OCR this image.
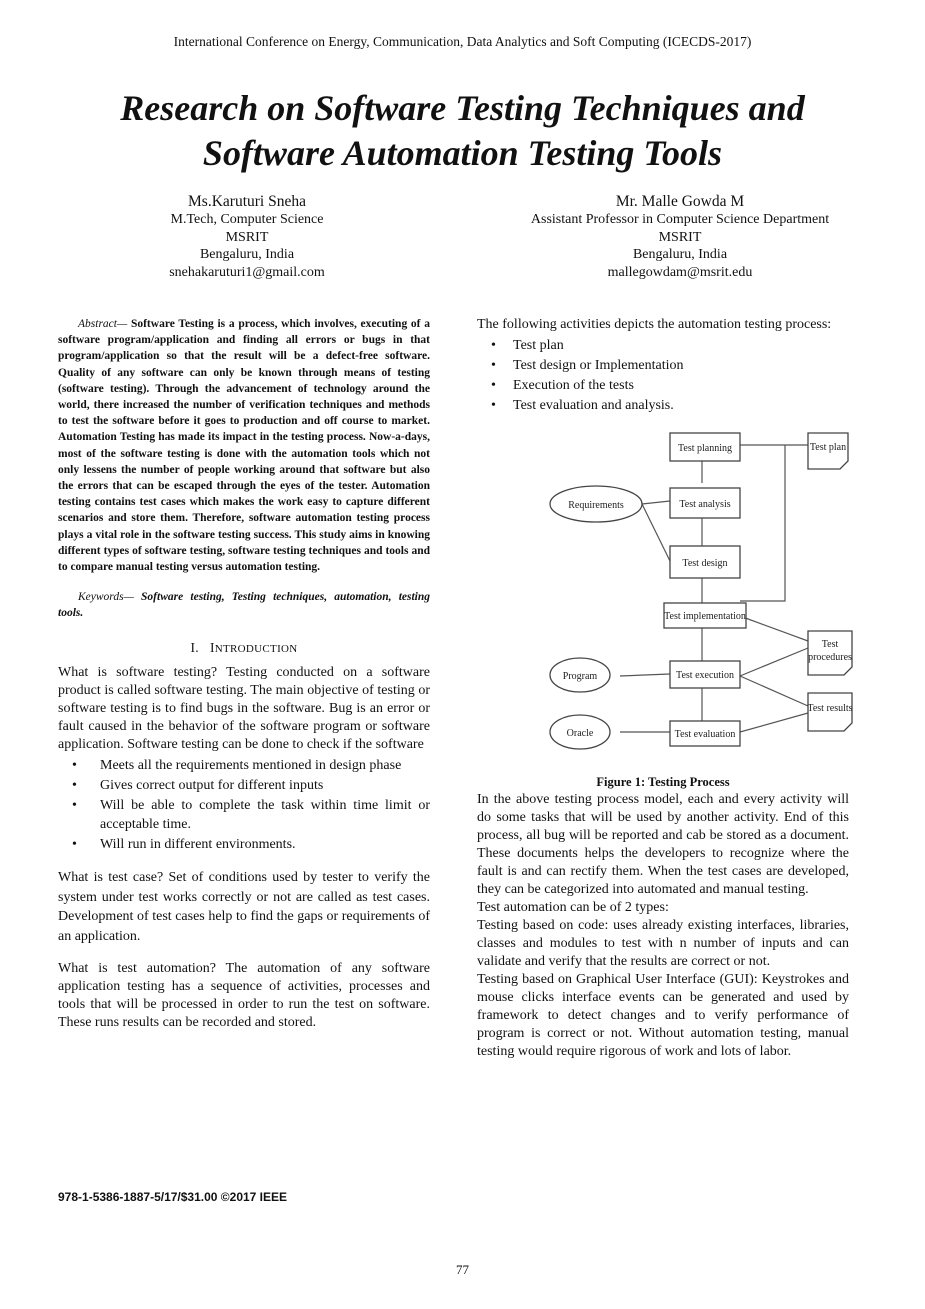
International Conference on Energy, Communication, Data Analytics and Soft Computing (ICECDS-2017)
Research on Software Testing Techniques and
Software Automation Testing Tools
Ms.Karuturi Sneha
M.Tech, Computer Science
MSRIT
Bengaluru, India
snehakaruturi1@gmail.com
Mr. Malle Gowda M
Assistant Professor in Computer Science Department
MSRIT
Bengaluru, India
mallegowdam@msrit.edu

Abstract— Software Testing is a process, which involves, executing of a software program/application and finding all errors or bugs in that program/application so that the result will be a defect-free software. Quality of any software can only be known through means of testing (software testing). Through the advancement of technology around the world, there increased the number of verification techniques and methods to test the software before it goes to production and off course to market. Automation Testing has made its impact in the testing process. Now-a-days, most of the software testing is done with the automation tools which not only lessens the number of people working around that software but also the errors that can be escaped through the eyes of the tester. Automation testing contains test cases which makes the work easy to capture different scenarios and store them. Therefore, software automation testing process plays a vital role in the software testing success. This study aims in knowing different types of software testing, software testing techniques and tools and to compare manual testing versus automation testing.

Keywords— Software testing, Testing techniques, automation, testing tools.

I. INTRODUCTION

What is software testing? Testing conducted on a software product is called software testing. The main objective of testing or software testing is to find bugs in the software. Bug is an error or fault caused in the behavior of the software program or software application. Software testing can be done to check if the software

• Meets all the requirements mentioned in design phase
• Gives correct output for different inputs
• Will be able to complete the task within time limit or acceptable time.
• Will run in different environments.

What is test case? Set of conditions used by tester to verify the system under test works correctly or not are called as test cases. Development of test cases help to find the gaps or requirements of an application.

What is test automation? The automation of any software application testing has a sequence of activities, processes and tools that will be processed in order to run the test on software. These runs results can be recorded and stored.

The following activities depicts the automation testing process:

• Test plan
• Test design or Implementation
• Execution of the tests
• Test evaluation and analysis.
Test planning
Test analysis
Test design
Test implementation
Test execution
Test evaluation
Requirements
Program
Oracle
Test plan
Test procedures
Test results
Figure 1: Testing Process

In the above testing process model, each and every activity will do some tasks that will be used by another activity. End of this process, all bug will be reported and cab be stored as a document. These documents helps the developers to recognize where the fault is and can rectify them. When the test cases are developed, they can be categorized into automated and manual testing.

Test automation can be of 2 types:

Testing based on code: uses already existing interfaces, libraries, classes and modules to test with n number of inputs and can validate and verify that the results are correct or not.

Testing based on Graphical User Interface (GUI): Keystrokes and mouse clicks interface events can be generated and used by framework to detect changes and to verify performance of program is correct or not. Without automation testing, manual testing would require rigorous of work and lots of labor.

978-1-5386-1887-5/17/$31.00 ©2017 IEEE
77
